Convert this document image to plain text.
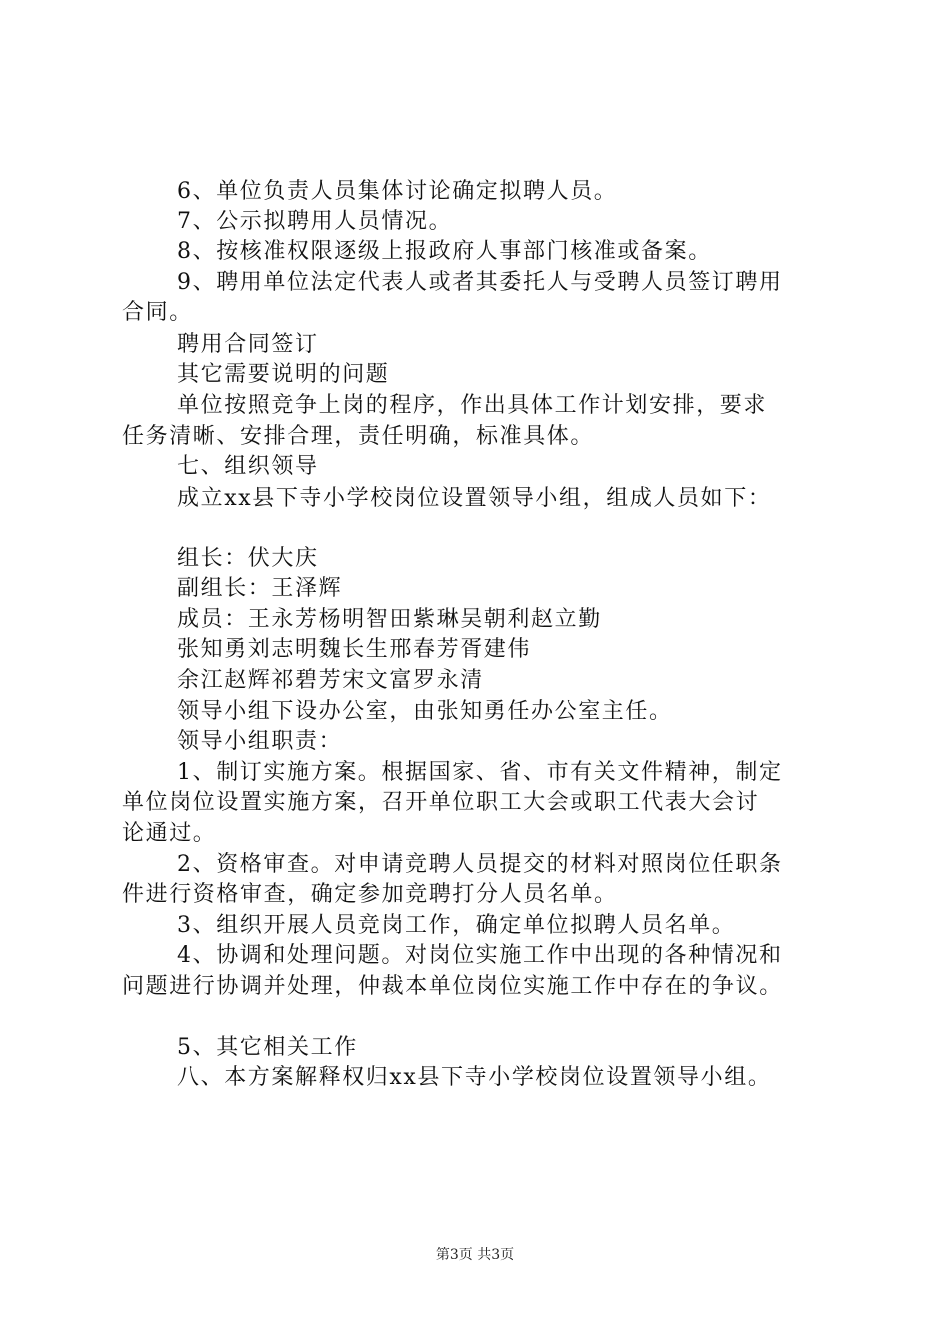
6、单位负责人员集体讨论确定拟聘人员。
7、公示拟聘用人员情况。
8、按核准权限逐级上报政府人事部门核准或备案。
9、聘用单位法定代表人或者其委托人与受聘人员签订聘用
合同。
聘用合同签订
其它需要说明的问题
单位按照竞争上岗的程序，作出具体工作计划安排，要求
任务清晰、安排合理，责任明确，标准具体。
七、组织领导
成立xx县下寺小学校岗位设置领导小组，组成人员如下：
组长：伏大庆
副组长：王泽辉
成员：王永芳杨明智田紫琳吴朝利赵立勤
张知勇刘志明魏长生邢春芳胥建伟
余江赵辉祁碧芳宋文富罗永清
领导小组下设办公室，由张知勇任办公室主任。
领导小组职责：
1、制订实施方案。根据国家、省、市有关文件精神，制定
单位岗位设置实施方案，召开单位职工大会或职工代表大会讨
论通过。
2、资格审查。对申请竞聘人员提交的材料对照岗位任职条
件进行资格审查，确定参加竞聘打分人员名单。
3、组织开展人员竞岗工作，确定单位拟聘人员名单。
4、协调和处理问题。对岗位实施工作中出现的各种情况和
问题进行协调并处理，仲裁本单位岗位实施工作中存在的争议。
5、其它相关工作
八、本方案解释权归xx县下寺小学校岗位设置领导小组。
第3页 共3页
